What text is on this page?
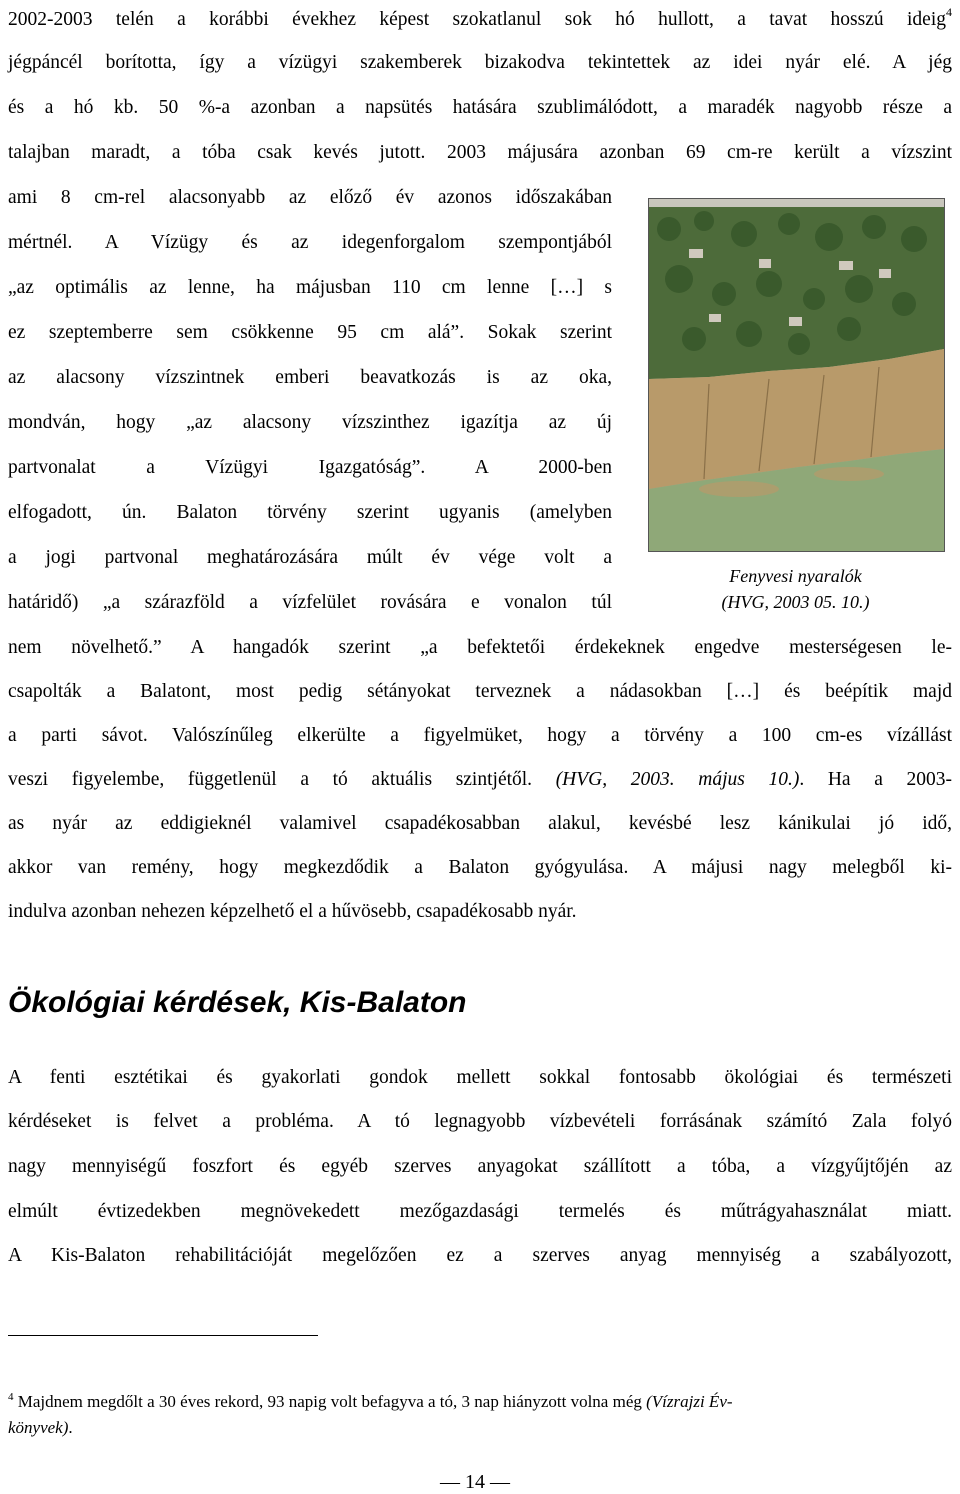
2002-2003 telén a korábbi évekhez képest szokatlanul sok hó hullott, a tavat hosszú ideig$^4$
jégpáncél borította, így a vízügyi szakemberek bizakodva tekintettek az idei nyár elé. A jég
és a hó kb. 50 %-a azonban a napsütés hatására szublimálódott, a maradék nagyobb része a
talajban maradt, a tóba csak kevés jutott. 2003 májusára azonban 69 cm-re került a vízszint
ami 8 cm-rel alacsonyabb az előző év azonos időszakában
mértnél. A Vízügy és az idegenforgalom szempontjából
„az optimális az lenne, ha májusban 110 cm lenne […] s
ez szeptemberre sem csökkenne 95 cm alá”. Sokak szerint
az alacsony vízszintnek emberi beavatkozás is az oka,
mondván, hogy „az alacsony vízszinthez igazítja az új
partvonalat a Vízügyi Igazgatóság”. A 2000-ben
elfogadott, ún. Balaton törvény szerint ugyanis (amelyben
a jogi partvonal meghatározására múlt év vége volt a
határidő) „a szárazföld a vízfelület rovására e vonalon túl
nem növelhető.” A hangadók szerint „a befektetői érdekeknek engedve mesterségesen le-
csapolták a Balatont, most pedig sétányokat terveznek a nádasokban […] és beépítik majd
a parti sávot. Valószínűleg elkerülte a figyelmüket, hogy a törvény a 100 cm-es vízállást
veszi figyelembe, függetlenül a tó aktuális szintjétől. (HVG, 2003. május 10.). Ha a 2003-
as nyár az eddigieknél valamivel csapadékosabban alakul, kevésbé lesz kánikulai jó idő,
akkor van remény, hogy megkezdődik a Balaton gyógyulása. A májusi nagy melegből ki-
indulva azonban nehezen képzelhető el a hűvösebb, csapadékosabb nyár.
Fenyvesi nyaralók
(HVG, 2003 05. 10.)
Ökológiai kérdések, Kis-Balaton
A fenti esztétikai és gyakorlati gondok mellett sokkal fontosabb ökológiai és természeti
kérdéseket is felvet a probléma. A tó legnagyobb vízbevételi forrásának számító Zala folyó
nagy mennyiségű foszfort és egyéb szerves anyagokat szállított a tóba, a vízgyűjtőjén az
elmúlt évtizedekben megnövekedett mezőgazdasági termelés és műtrágyahasználat miatt.
A Kis-Balaton rehabilitációját megelőzően ez a szerves anyag mennyiség a szabályozott,
$^4$ Majdnem megdőlt a 30 éves rekord, 93 napig volt befagyva a tó, 3 nap hiányzott volna még (Vízrajzi Év-
könyvek).
— 14 —
